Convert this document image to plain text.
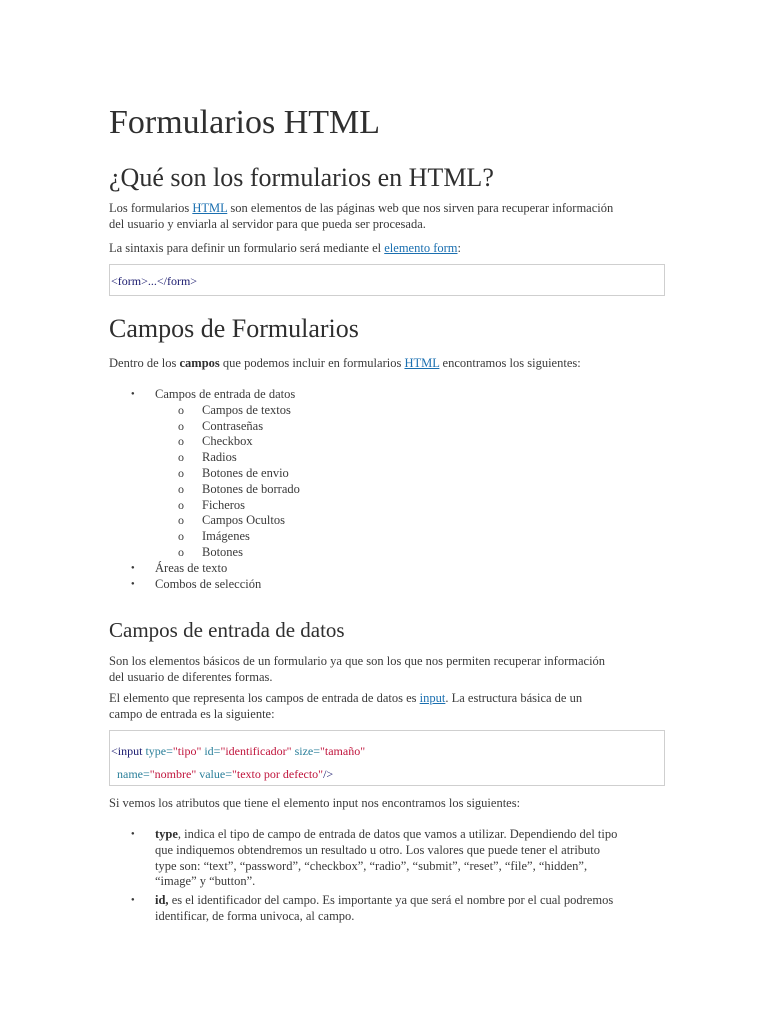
Formularios HTML
¿Qué son los formularios en HTML?

Los formularios HTML son elementos de las páginas web que nos sirven para recuperar información
del usuario y enviarla al servidor para que pueda ser procesada.

La sintaxis para definir un formulario será mediante el elemento form:

<form>...</form>
Campos de Formularios

Dentro de los campos que podemos incluir en formularios HTML encontramos los siguientes:

● Campos de entrada de datos
o Campos de textos
o Contraseñas
o Checkbox
o Radios
o Botones de envio
o Botones de borrado
o Ficheros
o Campos Ocultos
o Imágenes
o Botones
● Áreas de texto
● Combos de selección
Campos de entrada de datos

Son los elementos básicos de un formulario ya que son los que nos permiten recuperar información
del usuario de diferentes formas.

El elemento que representa los campos de entrada de datos es input. La estructura básica de un
campo de entrada es la siguiente:

<input type="tipo" id="identificador" size="tamaño"
name="nombre" value="texto por defecto"/>

Si vemos los atributos que tiene el elemento input nos encontramos los siguientes:

● type, indica el tipo de campo de entrada de datos que vamos a utilizar. Dependiendo del tipo
que indiquemos obtendremos un resultado u otro. Los valores que puede tener el atributo
type son: “text”, “password”, “checkbox”, “radio”, “submit”, “reset”, “file”, “hidden”,
“image” y “button”.
● id, es el identificador del campo. Es importante ya que será el nombre por el cual podremos
identificar, de forma univoca, al campo.
